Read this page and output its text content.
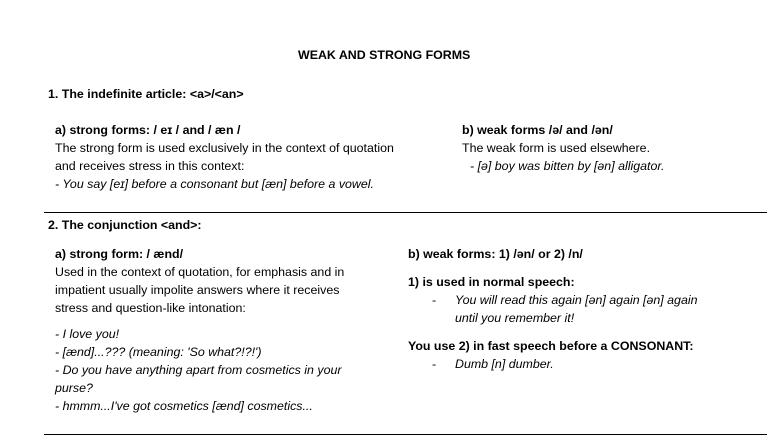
WEAK AND STRONG FORMS
1. The indefinite article: <a>/<an>
a) strong forms: / eɪ / and / æn /
The strong form is used exclusively in the context of quotation
and receives stress in this context:
- You say [eɪ] before a consonant but [æn] before a vowel.
b) weak forms /ə/ and /ən/
The weak form is used elsewhere.
- [ə] boy was bitten by [ən] alligator.
2. The conjunction <and>:
a) strong form: / ænd/
Used in the context of quotation, for emphasis and in
impatient usually impolite answers where it receives
stress and question-like intonation:
- I love you!
- [ænd]...??? (meaning: 'So what?!?!')
- Do you have anything apart from cosmetics in your
purse?
- hmmm...I've got cosmetics [ænd] cosmetics...
b) weak forms: 1) /ən/ or 2) /n/
1) is used in normal speech:
- You will read this again [ən] again [ən] again
until you remember it!
You use 2) in fast speech before a CONSONANT:
- Dumb [n] dumber.
